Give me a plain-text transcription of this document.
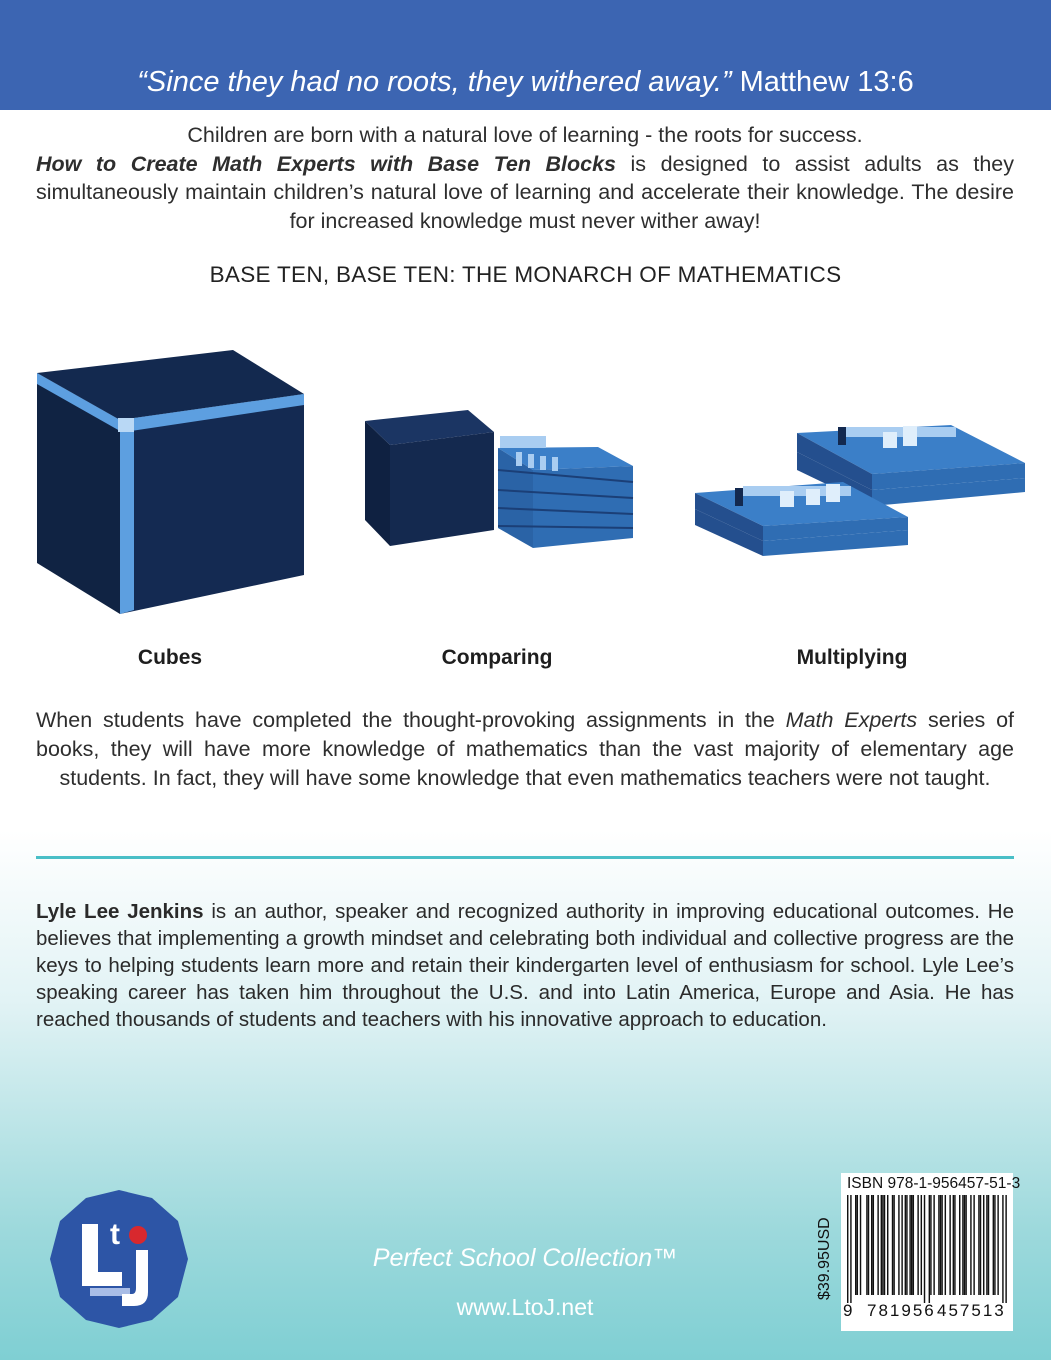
“Since they had no roots, they withered away.” Matthew 13:6

Children are born with a natural love of learning - the roots for success.

How to Create Math Experts with Base Ten Blocks is designed to assist adults as they simultaneously maintain children’s natural love of learning and accelerate their knowledge. The desire for increased knowledge must never wither away!

BASE TEN, BASE TEN: THE MONARCH OF MATHEMATICS
Cubes	Comparing	Multiplying
When students have completed the thought-provoking assignments in the Math Experts series of books, they will have more knowledge of mathematics than the vast majority of elementary age students. In fact, they will have some knowledge that even mathematics teachers were not taught.
Lyle Lee Jenkins is an author, speaker and recognized authority in improving educational outcomes. He believes that implementing a growth mindset and celebrating both individual and collective progress are the keys to helping students learn more and retain their kindergarten level of enthusiasm for school. Lyle Lee’s speaking career has taken him throughout the U.S. and into Latin America, Europe and Asia. He has reached thousands of students and teachers with his innovative approach to education.
t
Perfect School Collection™
www.LtoJ.net
$39.95USD
ISBN 978-1-956457-51-3
9 781956 457513
